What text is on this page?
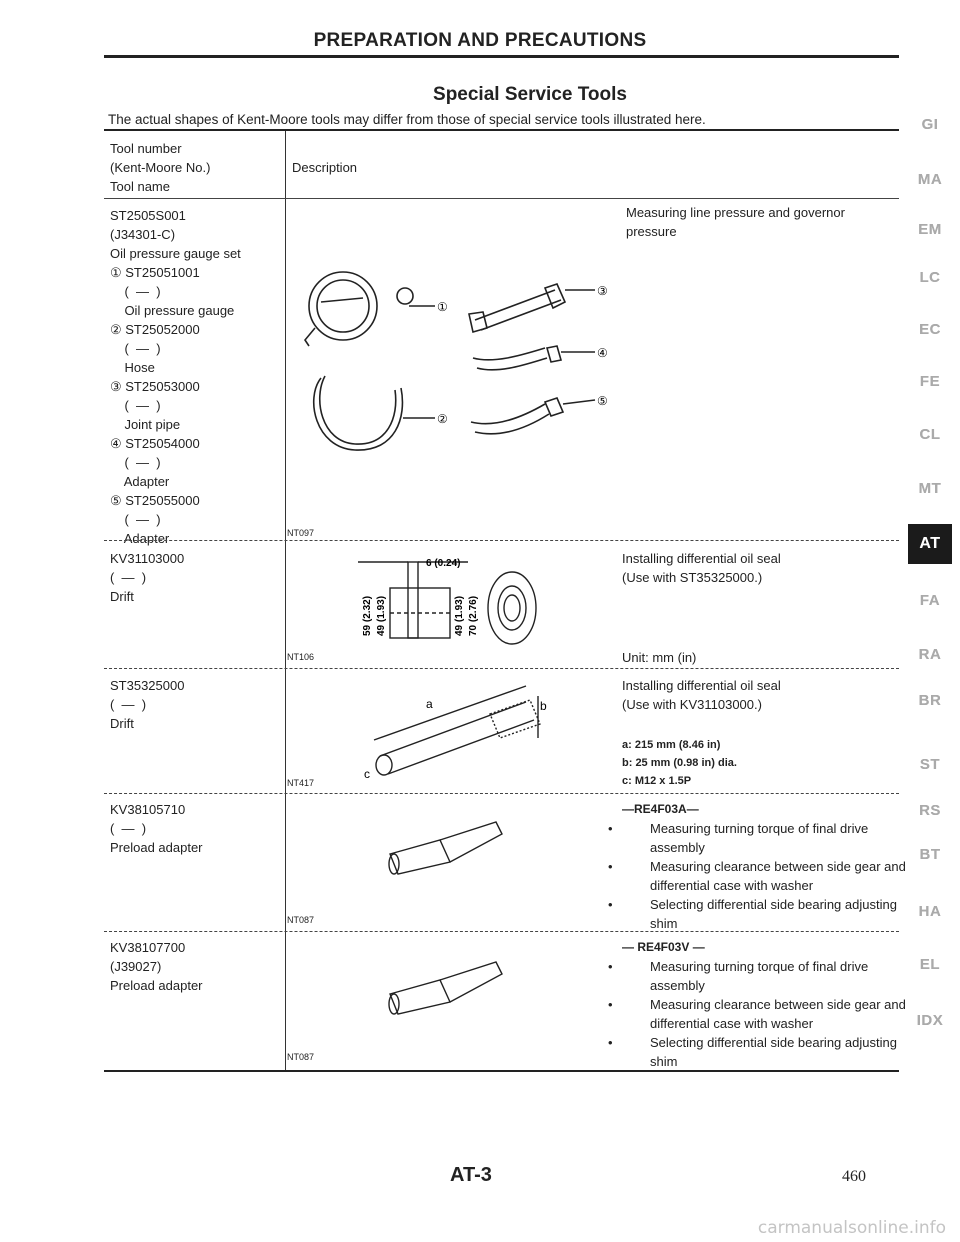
PREPARATION AND PRECAUTIONS
Special Service Tools
The actual shapes of Kent-Moore tools may differ from those of special service tools illustrated here.
Tool number
(Kent-Moore No.)
Tool name
Description
ST2505S001
(J34301-C)
Oil pressure gauge set
① ST25051001
(  —  )
Oil pressure gauge
② ST25052000
(  —  )
Hose
③ ST25053000
(  —  )
Joint pipe
④ ST25054000
(  —  )
Adapter
⑤ ST25055000
(  —  )
Adapter
Measuring line pressure and governor
pressure
①
②
③
④
⑤
NT097
KV31103000
(  —  )
Drift
Installing differential oil seal
(Use with ST35325000.)
6 (0.24)
59 (2.32) 49 (1.93)	49 (1.93) 70 (2.76)
NT106	Unit: mm (in)
ST35325000
(  —  )
Drift
Installing differential oil seal
(Use with KV31103000.)
a	b
c
a: 215 mm (8.46 in)
b: 25 mm (0.98 in) dia.
c: M12 x 1.5P
NT417
KV38105710
(  —  )
Preload adapter
—RE4F03A—
• Measuring turning torque of final drive assembly
• Measuring clearance between side gear and differential case with washer
• Selecting differential side bearing adjusting shim
NT087
KV38107700
(J39027)
Preload adapter
— RE4F03V —
• Measuring turning torque of final drive assembly
• Measuring clearance between side gear and differential case with washer
• Selecting differential side bearing adjusting shim
NT087
GI
MA
EM
LC
EC
FE
CL
MT
AT
FA
RA
BR
ST
RS
BT
HA
EL
IDX
AT-3	460
carmanualsonline.info
